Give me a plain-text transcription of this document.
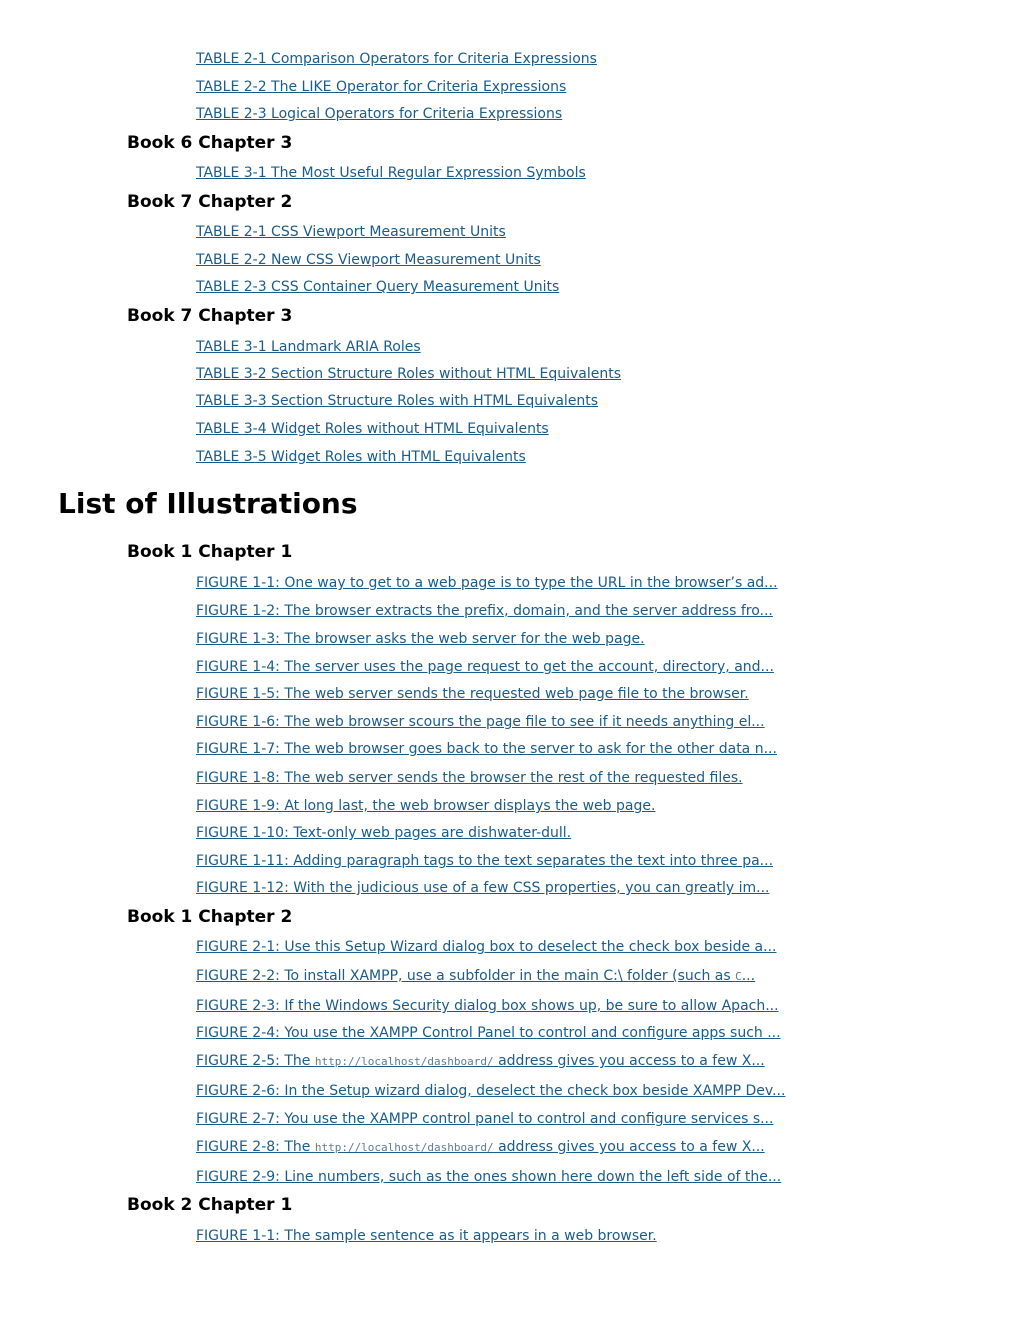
TABLE 2-1 Comparison Operators for Criteria Expressions
TABLE 2-2 The LIKE Operator for Criteria Expressions
TABLE 2-3 Logical Operators for Criteria Expressions
Book 6 Chapter 3
TABLE 3-1 The Most Useful Regular Expression Symbols
Book 7 Chapter 2
TABLE 2-1 CSS Viewport Measurement Units
TABLE 2-2 New CSS Viewport Measurement Units
TABLE 2-3 CSS Container Query Measurement Units
Book 7 Chapter 3
TABLE 3-1 Landmark ARIA Roles
TABLE 3-2 Section Structure Roles without HTML Equivalents
TABLE 3-3 Section Structure Roles with HTML Equivalents
TABLE 3-4 Widget Roles without HTML Equivalents
TABLE 3-5 Widget Roles with HTML Equivalents
List of Illustrations
Book 1 Chapter 1
FIGURE 1-1: One way to get to a web page is to type the URL in the browser’s ad...
FIGURE 1-2: The browser extracts the prefix, domain, and the server address fro...
FIGURE 1-3: The browser asks the web server for the web page.
FIGURE 1-4: The server uses the page request to get the account, directory, and...
FIGURE 1-5: The web server sends the requested web page file to the browser.
FIGURE 1-6: The web browser scours the page file to see if it needs anything el...
FIGURE 1-7: The web browser goes back to the server to ask for the other data n...
FIGURE 1-8: The web server sends the browser the rest of the requested files.
FIGURE 1-9: At long last, the web browser displays the web page.
FIGURE 1-10: Text-only web pages are dishwater-dull.
FIGURE 1-11: Adding paragraph tags to the text separates the text into three pa...
FIGURE 1-12: With the judicious use of a few CSS properties, you can greatly im...
Book 1 Chapter 2
FIGURE 2-1: Use this Setup Wizard dialog box to deselect the check box beside a...
FIGURE 2-2: To install XAMPP, use a subfolder in the main C:\ folder (such as C...
FIGURE 2-3: If the Windows Security dialog box shows up, be sure to allow Apach...
FIGURE 2-4: You use the XAMPP Control Panel to control and configure apps such ...
FIGURE 2-5: The http://localhost/dashboard/ address gives you access to a few X...
FIGURE 2-6: In the Setup wizard dialog, deselect the check box beside XAMPP Dev...
FIGURE 2-7: You use the XAMPP control panel to control and configure services s...
FIGURE 2-8: The http://localhost/dashboard/ address gives you access to a few X...
FIGURE 2-9: Line numbers, such as the ones shown here down the left side of the...
Book 2 Chapter 1
FIGURE 1-1: The sample sentence as it appears in a web browser.
